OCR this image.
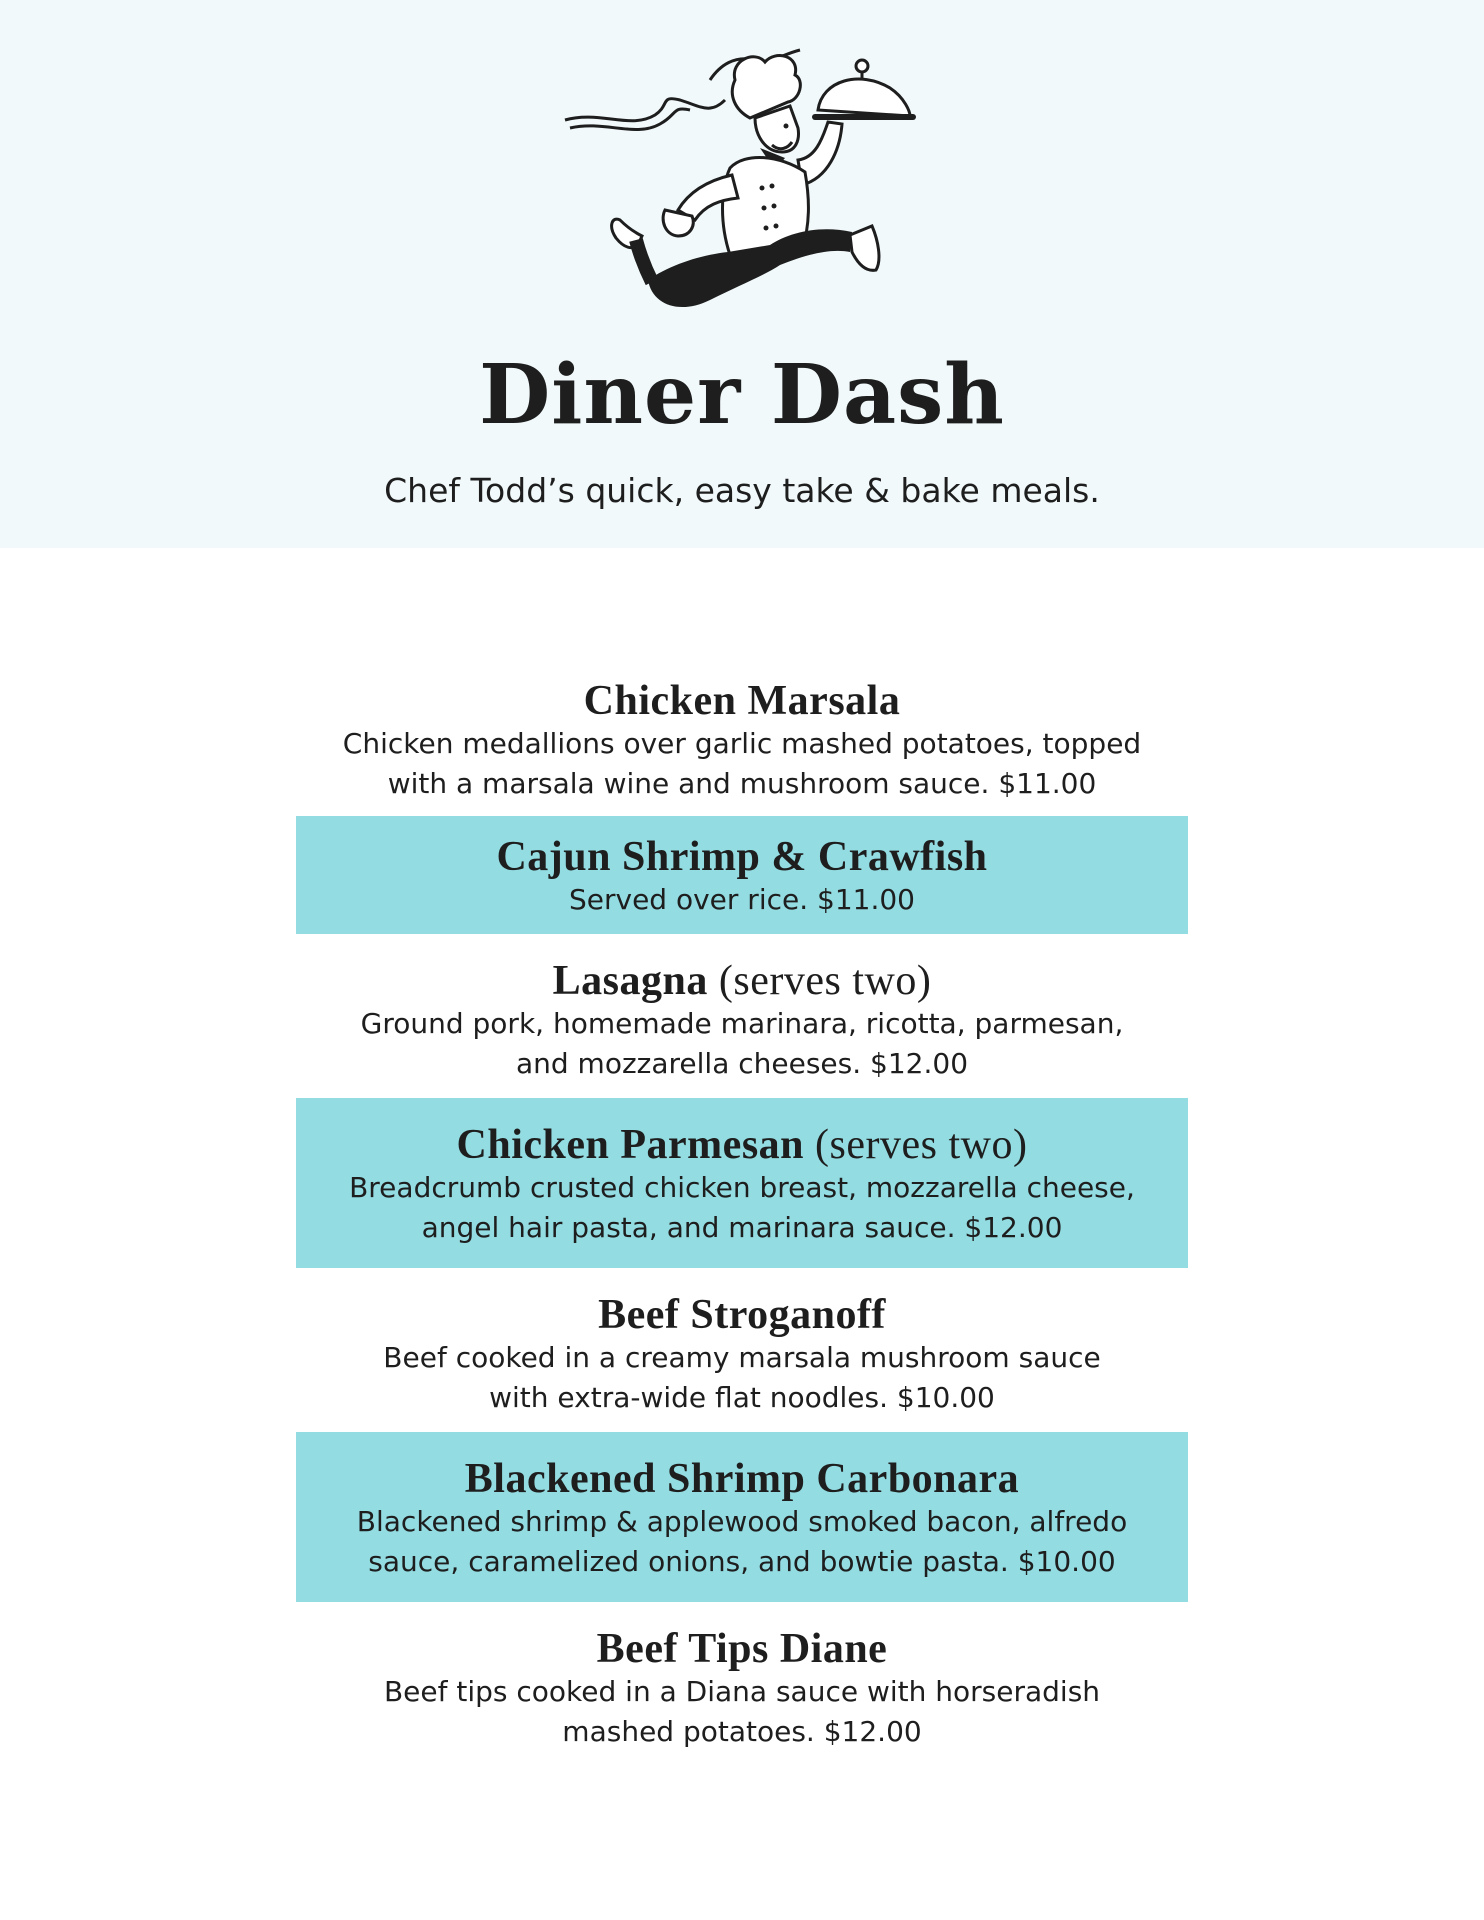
Diner Dash
Chef Todd’s quick, easy take & bake meals.
Chicken Marsala
Chicken medallions over garlic mashed potatoes, topped
with a marsala wine and mushroom sauce. $11.00
Cajun Shrimp & Crawfish
Served over rice. $11.00
Lasagna (serves two)
Ground pork, homemade marinara, ricotta, parmesan,
and mozzarella cheeses. $12.00
Chicken Parmesan (serves two)
Breadcrumb crusted chicken breast, mozzarella cheese,
angel hair pasta, and marinara sauce. $12.00
Beef Stroganoff
Beef cooked in a creamy marsala mushroom sauce
with extra-wide flat noodles. $10.00
Blackened Shrimp Carbonara
Blackened shrimp & applewood smoked bacon, alfredo
sauce, caramelized onions, and bowtie pasta. $10.00
Beef Tips Diane
Beef tips cooked in a Diana sauce with horseradish
mashed potatoes. $12.00
